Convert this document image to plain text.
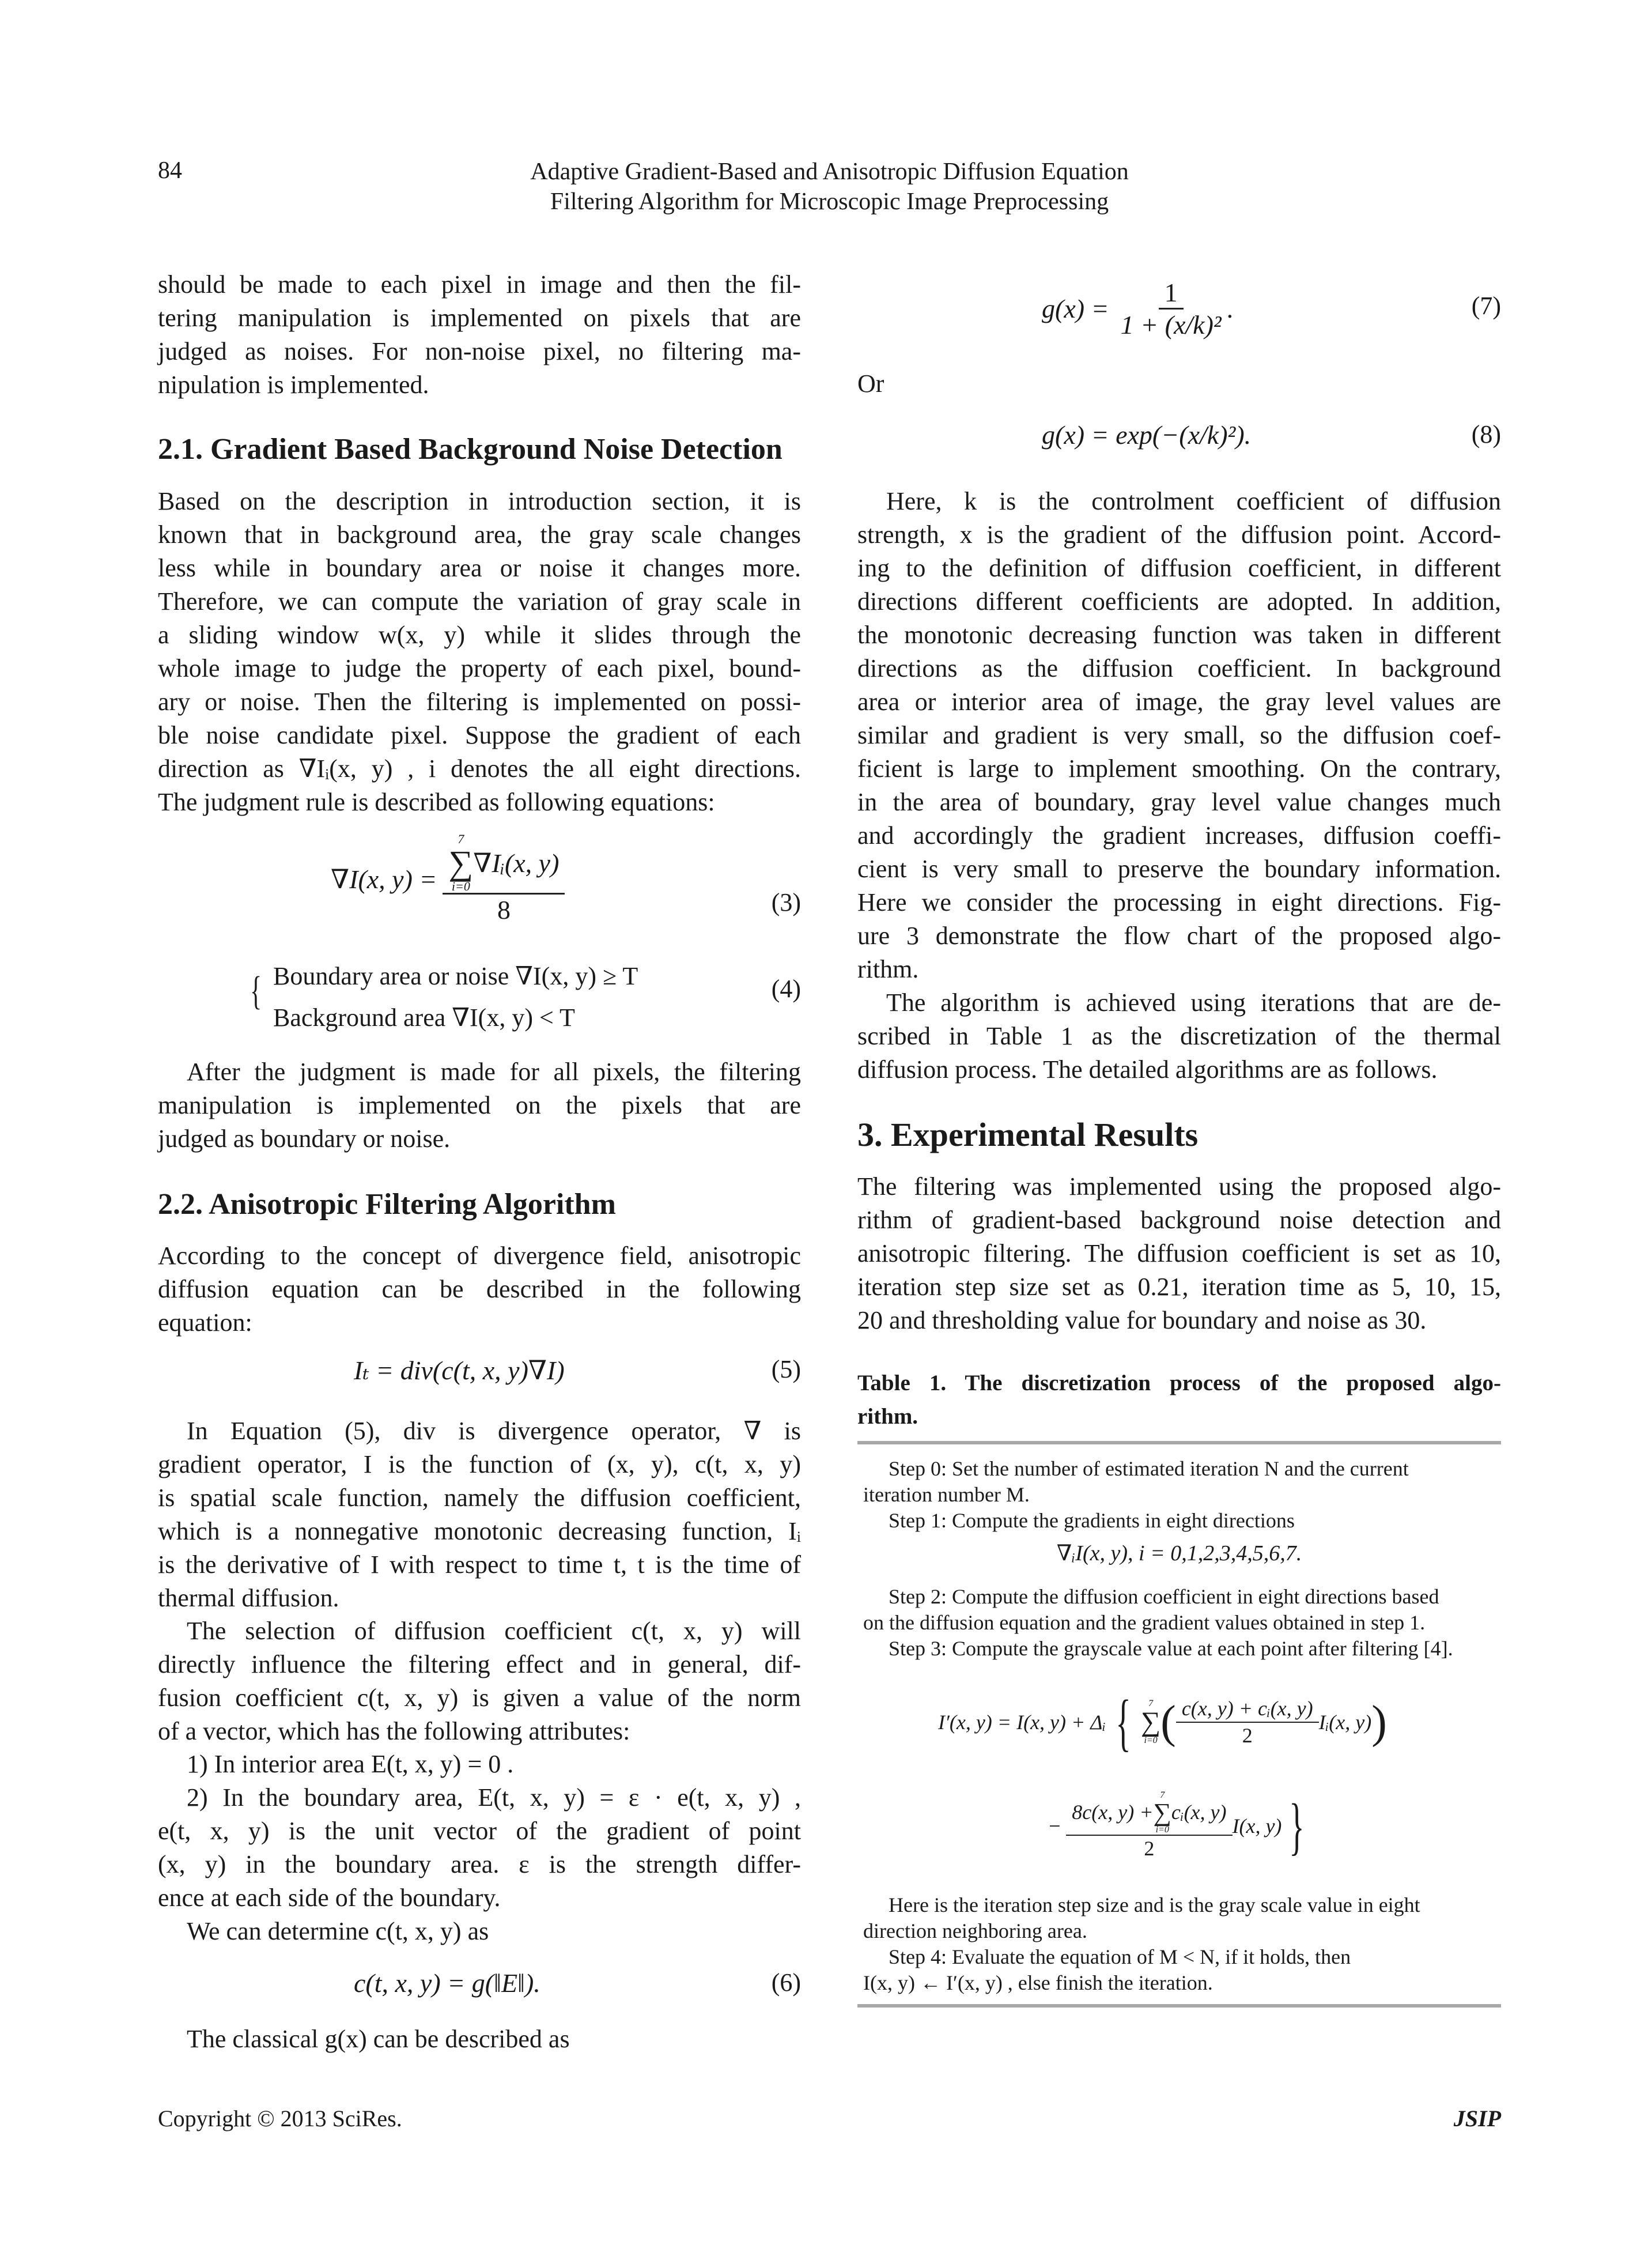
84	Adaptive Gradient-Based and Anisotropic Diffusion Equation
Filtering Algorithm for Microscopic Image Preprocessing
should be made to each pixel in image and then the fil-
tering manipulation is implemented on pixels that are
judged as noises. For non-noise pixel, no filtering ma-
nipulation is implemented.
2.1. Gradient Based Background Noise Detection
Based on the description in introduction section, it is
known that in background area, the gray scale changes
less while in boundary area or noise it changes more.
Therefore, we can compute the variation of gray scale in
a sliding window w(x, y) while it slides through the
whole image to judge the property of each pixel, bound-
ary or noise. Then the filtering is implemented on possi-
ble noise candidate pixel. Suppose the gradient of each
direction as ∇Iᵢ(x, y) , i denotes the all eight directions.
The judgment rule is described as following equations:
∇I(x, y) = 7
∑
i=0
∇Iᵢ(x, y)
8	(3)
{ Boundary area or noise ∇I(x, y) ≥ T
Background area ∇I(x, y) < T
(4)
After the judgment is made for all pixels, the filtering
manipulation is implemented on the pixels that are
judged as boundary or noise.
2.2. Anisotropic Filtering Algorithm
According to the concept of divergence field, anisotropic
diffusion equation can be described in the following
equation:
Iₜ = div(c(t, x, y)∇I)	(5)
In Equation (5), div is divergence operator, ∇ is
gradient operator, I is the function of (x, y), c(t, x, y)
is spatial scale function, namely the diffusion coefficient,
which is a nonnegative monotonic decreasing function, Iᵢ
is the derivative of I with respect to time t, t is the time of
thermal diffusion.
The selection of diffusion coefficient c(t, x, y) will
directly influence the filtering effect and in general, dif-
fusion coefficient c(t, x, y) is given a value of the norm
of a vector, which has the following attributes:
1) In interior area E(t, x, y) = 0 .
2) In the boundary area, E(t, x, y) = ε · e(t, x, y) ,
e(t, x, y) is the unit vector of the gradient of point
(x, y) in the boundary area. ε is the strength differ-
ence at each side of the boundary.
We can determine c(t, x, y) as
c(t, x, y) = g(‖E‖).	(6)
The classical g(x) can be described as
$g(x) = \frac{1}{\text{1 + (x/k)²}}$ .	(7)
Or
g(x) = exp(−(x/k)²).	(8)
Here, k is the controlment coefficient of diffusion
strength, x is the gradient of the diffusion point. Accord-
ing to the definition of diffusion coefficient, in different
directions different coefficients are adopted. In addition,
the monotonic decreasing function was taken in different
directions as the diffusion coefficient. In background
area or interior area of image, the gray level values are
similar and gradient is very small, so the diffusion coef-
ficient is large to implement smoothing. On the contrary,
in the area of boundary, gray level value changes much
and accordingly the gradient increases, diffusion coeffi-
cient is very small to preserve the boundary information.
Here we consider the processing in eight directions. Fig-
ure 3 demonstrate the flow chart of the proposed algo-
rithm.
The algorithm is achieved using iterations that are de-
scribed in Table 1 as the discretization of the thermal
diffusion process. The detailed algorithms are as follows.
3. Experimental Results
The filtering was implemented using the proposed algo-
rithm of gradient-based background noise detection and
anisotropic filtering. The diffusion coefficient is set as 10,
iteration step size set as 0.21, iteration time as 5, 10, 15,
20 and thresholding value for boundary and noise as 30.
Table 1. The discretization process of the proposed algo-
rithm.
Step 0: Set the number of estimated iteration N and the current
iteration number M.
Step 1: Compute the gradients in eight directions
∇ᵢI(x, y), i = 0,1,2,3,4,5,6,7.
Step 2: Compute the diffusion coefficient in eight directions based
on the diffusion equation and the gradient values obtained in step 1.
Step 3: Compute the grayscale value at each point after filtering [4].
I′(x, y) = I(x, y) + Δᵢ { 7
∑
i=0 ( $\frac{\text{c(x, y) + cᵢ(x, y)}}{2}$ Iᵢ(x, y) )
− 8c(x, y) +
7
∑
i=0
cᵢ(x, y)
2 I(x, y) }
Here is the iteration step size and is the gray scale value in eight
direction neighboring area.
Step 4: Evaluate the equation of M < N, if it holds, then
I(x, y) ← I′(x, y) , else finish the iteration.
Copyright © 2013 SciRes.	JSIP
